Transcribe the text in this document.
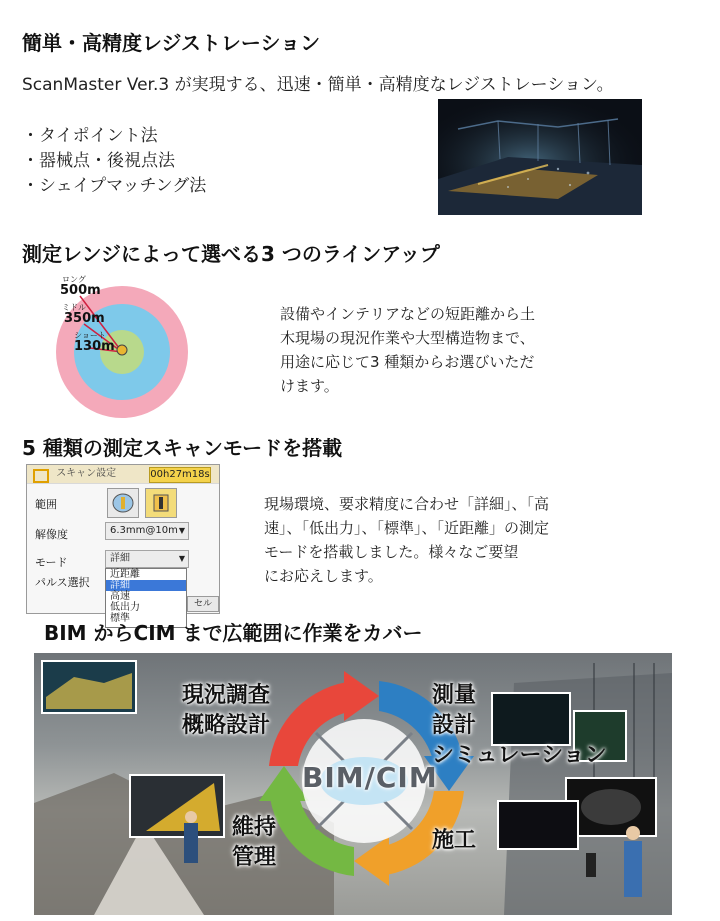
簡単・高精度レジストレーション
ScanMaster Ver.3 が実現する、迅速・簡単・高精度なレジストレーション。
・タイポイント法
・器械点・後視点法
・シェイプマッチング法
測定レンジによって選べる3 つのラインアップ
ロング
500m
ミドル
350m
ショート
130m
設備やインテリアなどの短距離から土
木現場の現況作業や大型構造物まで、
用途に応じて3 種類からお選びいただ
けます。
5 種類の測定スキャンモードを搭載
スキャン設定	00h27m18s
範囲
解像度	6.3mm@10m ▼
モード	詳細	▼
パルス選択
近距離
詳細
高速
低出力
標準
セル
現場環境、要求精度に合わせ「詳細」、「高
速」、「低出力」、「標準」、「近距離」の測定
モードを搭載しました。様々なご要望
にお応えします。
BIM からCIM まで広範囲に作業をカバー
BIM/CIM
現況調査
概略設計
測量
設計
シミュレーション
維持
管理
施工
